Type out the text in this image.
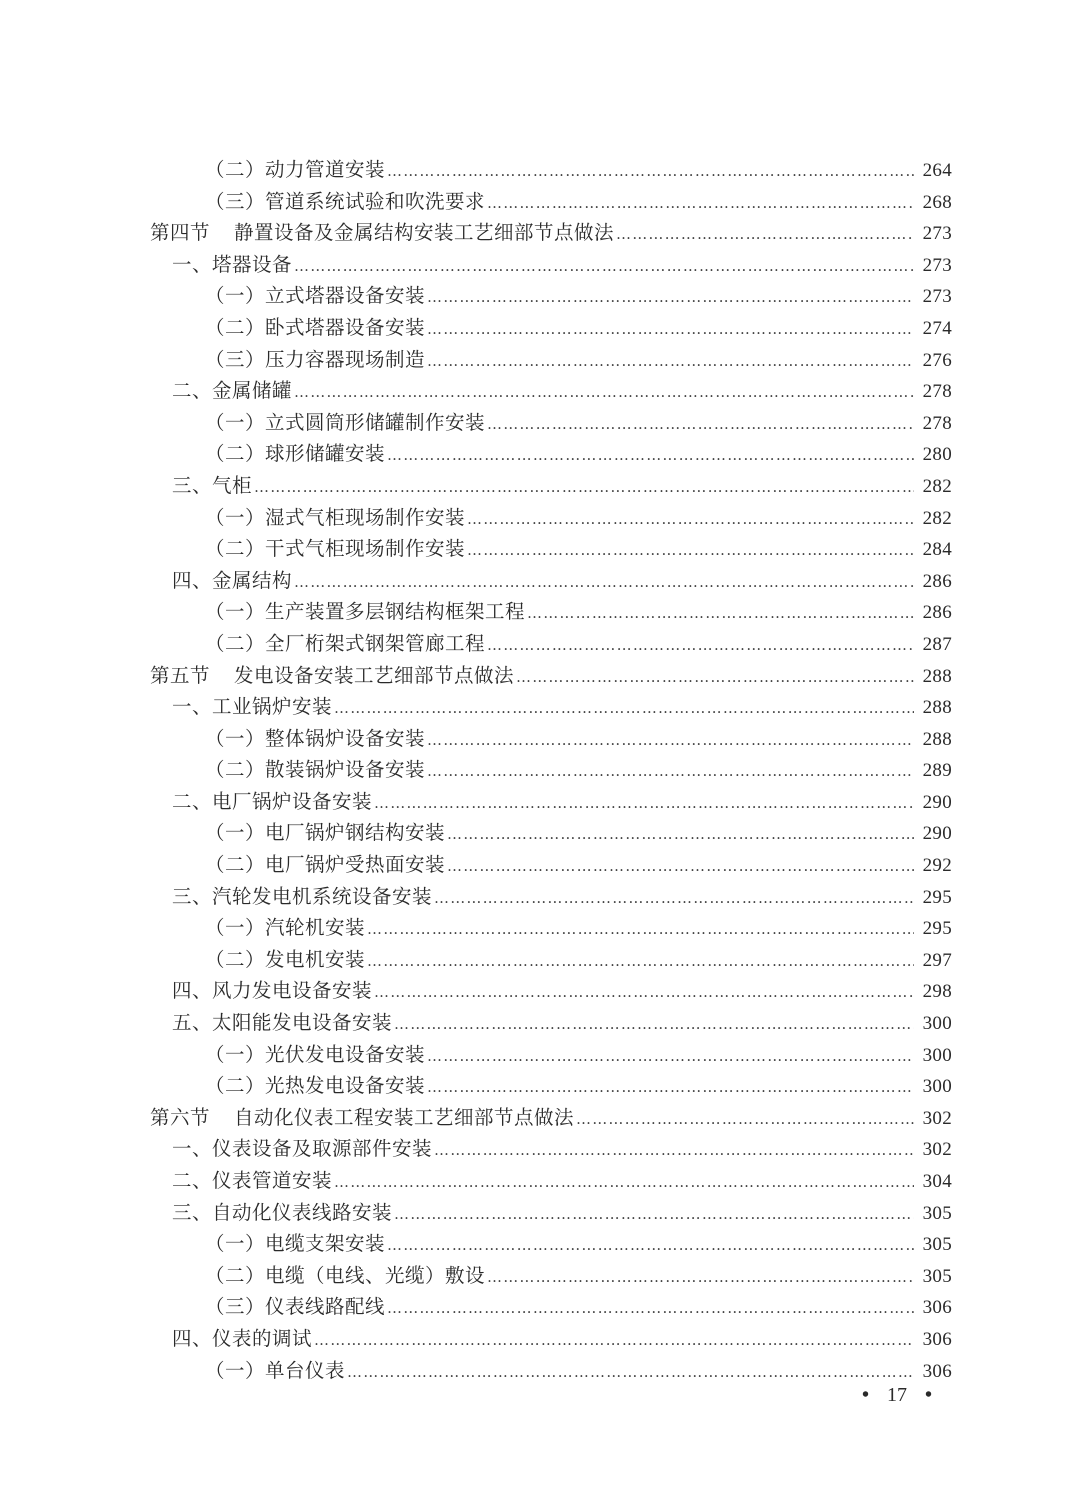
（二）动力管道安装 ……………………………………………………………………………………………………………………………………………………………………………………………………………………………………	264
（三）管道系统试验和吹洗要求 ……………………………………………………………………………………………………………………………………………………………………………………………………………………………………	268
第四节 静置设备及金属结构安装工艺细部节点做法 ……………………………………………………………………………………………………………………………………………………………………………………………………………………………………	273
一、塔器设备 ……………………………………………………………………………………………………………………………………………………………………………………………………………………………………	273
（一）立式塔器设备安装 ……………………………………………………………………………………………………………………………………………………………………………………………………………………………………	273
（二）卧式塔器设备安装 ……………………………………………………………………………………………………………………………………………………………………………………………………………………………………	274
（三）压力容器现场制造 ……………………………………………………………………………………………………………………………………………………………………………………………………………………………………	276
二、金属储罐 ……………………………………………………………………………………………………………………………………………………………………………………………………………………………………	278
（一）立式圆筒形储罐制作安装 ……………………………………………………………………………………………………………………………………………………………………………………………………………………………………	278
（二）球形储罐安装 ……………………………………………………………………………………………………………………………………………………………………………………………………………………………………	280
三、气柜 ……………………………………………………………………………………………………………………………………………………………………………………………………………………………………	282
（一）湿式气柜现场制作安装 ……………………………………………………………………………………………………………………………………………………………………………………………………………………………………	282
（二）干式气柜现场制作安装 ……………………………………………………………………………………………………………………………………………………………………………………………………………………………………	284
四、金属结构 ……………………………………………………………………………………………………………………………………………………………………………………………………………………………………	286
（一）生产装置多层钢结构框架工程 ……………………………………………………………………………………………………………………………………………………………………………………………………………………………………	286
（二）全厂桁架式钢架管廊工程 ……………………………………………………………………………………………………………………………………………………………………………………………………………………………………	287
第五节 发电设备安装工艺细部节点做法 ……………………………………………………………………………………………………………………………………………………………………………………………………………………………………	288
一、工业锅炉安装 ……………………………………………………………………………………………………………………………………………………………………………………………………………………………………	288
（一）整体锅炉设备安装 ……………………………………………………………………………………………………………………………………………………………………………………………………………………………………	288
（二）散装锅炉设备安装 ……………………………………………………………………………………………………………………………………………………………………………………………………………………………………	289
二、电厂锅炉设备安装 ……………………………………………………………………………………………………………………………………………………………………………………………………………………………………	290
（一）电厂锅炉钢结构安装 ……………………………………………………………………………………………………………………………………………………………………………………………………………………………………	290
（二）电厂锅炉受热面安装 ……………………………………………………………………………………………………………………………………………………………………………………………………………………………………	292
三、汽轮发电机系统设备安装 ……………………………………………………………………………………………………………………………………………………………………………………………………………………………………	295
（一）汽轮机安装 ……………………………………………………………………………………………………………………………………………………………………………………………………………………………………	295
（二）发电机安装 ……………………………………………………………………………………………………………………………………………………………………………………………………………………………………	297
四、风力发电设备安装 ……………………………………………………………………………………………………………………………………………………………………………………………………………………………………	298
五、太阳能发电设备安装 ……………………………………………………………………………………………………………………………………………………………………………………………………………………………………	300
（一）光伏发电设备安装 ……………………………………………………………………………………………………………………………………………………………………………………………………………………………………	300
（二）光热发电设备安装 ……………………………………………………………………………………………………………………………………………………………………………………………………………………………………	300
第六节 自动化仪表工程安装工艺细部节点做法 ……………………………………………………………………………………………………………………………………………………………………………………………………………………………………	302
一、仪表设备及取源部件安装 ……………………………………………………………………………………………………………………………………………………………………………………………………………………………………	302
二、仪表管道安装 ……………………………………………………………………………………………………………………………………………………………………………………………………………………………………	304
三、自动化仪表线路安装 ……………………………………………………………………………………………………………………………………………………………………………………………………………………………………	305
（一）电缆支架安装 ……………………………………………………………………………………………………………………………………………………………………………………………………………………………………	305
（二）电缆（电线、光缆）敷设 ……………………………………………………………………………………………………………………………………………………………………………………………………………………………………	305
（三）仪表线路配线 ……………………………………………………………………………………………………………………………………………………………………………………………………………………………………	306
四、仪表的调试 ……………………………………………………………………………………………………………………………………………………………………………………………………………………………………	306
（一）单台仪表 ……………………………………………………………………………………………………………………………………………………………………………………………………………………………………	306
• 17 •
